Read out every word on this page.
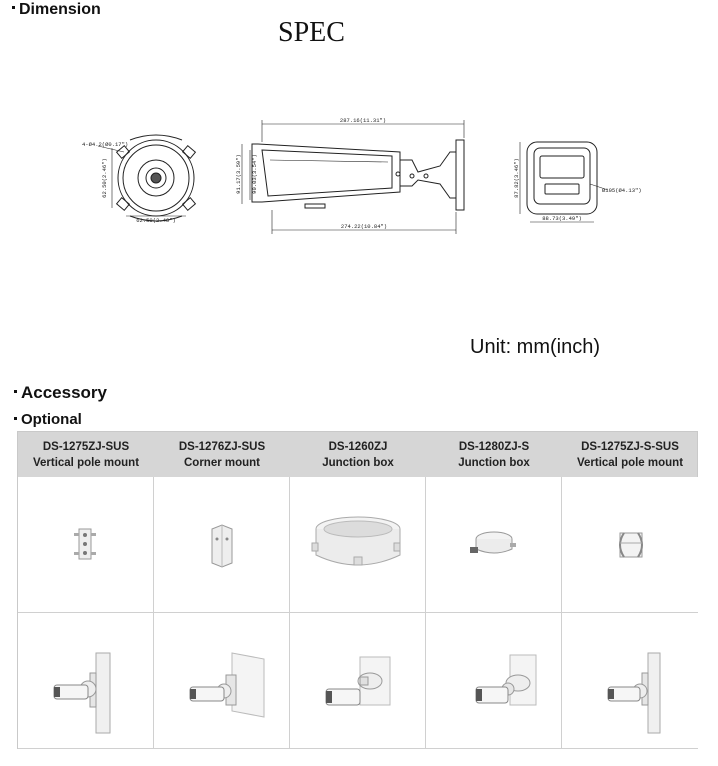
Dimension
SPEC
4-Ø4.2(Ø0.17")
62.50(2.46")
62.50(2.46")
287.16(11.31")
91.17(3.59") 90.03(3.54")
274.22(10.84")
87.82(3.46")	Ø105(Ø4.13")
88.73(3.49")
Unit: mm(inch)
Accessory
Optional
DS-1275ZJ-SUS
Vertical pole mount
DS-1276ZJ-SUS
Corner mount
DS-1260ZJ
Junction box
DS-1280ZJ-S
Junction box
DS-1275ZJ-S-SUS
Vertical pole mount
